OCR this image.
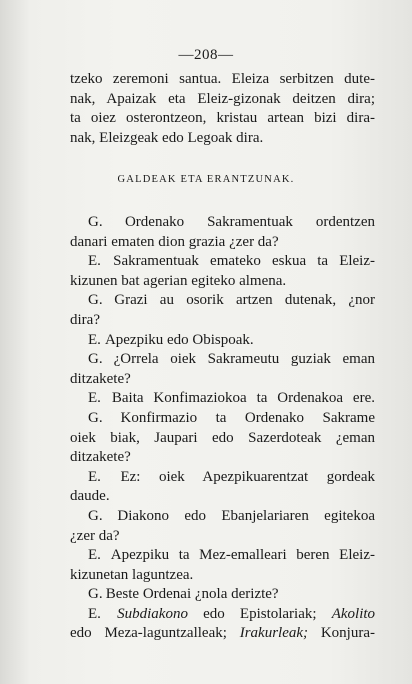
—208—
tzeko zeremoni santua. Eleiza serbitzen dute-
nak, Apaizak eta Eleiz-gizonak deitzen dira;
ta oiez osterontzeon, kristau artean bizi dira-
nak, Eleizgeak edo Legoak dira.
GALDEAK ETA ERANTZUNAK.
G. Ordenako Sakramentuak ordentzen
danari ematen dion grazia ¿zer da?
E. Sakramentuak emateko eskua ta Eleiz-
kizunen bat agerian egiteko almena.
G. Grazi au osorik artzen dutenak, ¿nor
dira?
E. Apezpiku edo Obispoak.
G. ¿Orrela oiek Sakrameutu guziak eman
ditzakete?
E. Baita Konfimaziokoa ta Ordenakoa ere.
G. Konfirmazio ta Ordenako Sakrame
oiek biak, Jaupari edo Sazerdoteak ¿eman
ditzakete?
E. Ez: oiek Apezpikuarentzat gordeak
daude.
G. Diakono edo Ebanjelariaren egitekoa
¿zer da?
E. Apezpiku ta Mez-emalleari beren Eleiz-
kizunetan laguntzea.
G. Beste Ordenai ¿nola derizte?
E. Subdiakono edo Epistolariak; Akolito
edo Meza-laguntzalleak; Irakurleak; Konjura-
